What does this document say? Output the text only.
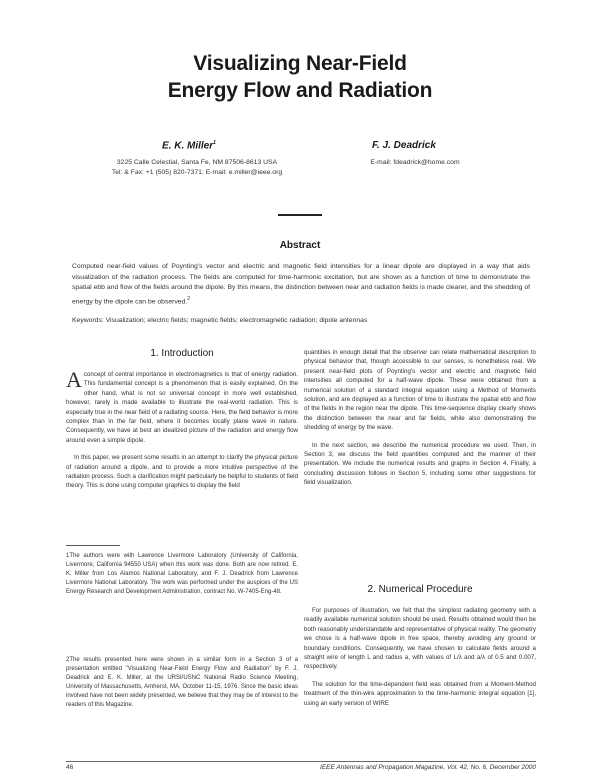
Visualizing Near-Field
Energy Flow and Radiation
E. K. Miller$^1$	F. J. Deadrick
3225 Calle Celestial, Santa Fe, NM 87506-8613 USA
Tel: & Fax: +1 (505) 820-7371; E-mail: e.miller@ieee.org
E-mail: fdeadrick@home.com
Abstract
Computed near-field values of Poynting's vector and electric and magnetic field intensities for a linear dipole are displayed in a way that aids visualization of the radiation process. The fields are computed for time-harmonic excitation, but are shown as a function of time to demonstrate the spatial ebb and flow of the fields around the dipole. By this means, the distinction between near and radiation fields is made clearer, and the shedding of energy by the dipole can be observed.$^2$
Keywords: Visualization; electric fields; magnetic fields; electromagnetic radiation; dipole antennas
1. Introduction

Aconcept of central importance in electromagnetics is that of energy radiation. This fundamental concept is a phenomenon that is easily explained. On the other hand, what is not so universal concept in more well established, however, rarely is made available to illustrate the real-world radiation. This is especially true in the near field of a radiating source. Here, the field behavior is more complex than in the far field, where it becomes locally plane wave in nature. Consequently, we have at best an idealized picture of the radiation and energy flow around even a simple dipole.

In this paper, we present some results in an attempt to clarify the physical picture of radiation around a dipole, and to provide a more intuitive perspective of the radiation process. Such a clarification might particularly be helpful to students of field theory. This is done using computer graphics to display the field

1The authors were with Lawrence Livermore Laboratory (University of California, Livermore, California 94550 USA) when this work was done. Both are now retired. E. K. Miller from Los Alamos National Laboratory, and F. J. Deadrick from Lawrence Livermore National Laboratory. The work was performed under the auspices of the US Energy Research and Development Administration, contract No. W-7405-Eng-48.
2The results presented here were shown in a similar form in a Section 3 of a presentation entitled "Visualizing Near-Field Energy Flow and Radiation" by F. J. Deadrick and E. K. Miller, at the URSI/USNC National Radio Science Meeting, University of Massachusetts, Amherst, MA, October 11-15, 1976. Since the basic ideas involved have not been widely presented, we believe that they may be of interest to the readers of this Magazine.

quantities in enough detail that the observer can relate mathematical description to physical behavior that, though accessible to our senses, is nonetheless real. We present near-field plots of Poynting's vector and electric and magnetic field intensities all computed for a half-wave dipole. These were obtained from a numerical solution of a standard integral equation using a Method of Moments solution, and are displayed as a function of time to illustrate the spatial ebb and flow of the fields in the region near the dipole. This time-sequence display clearly shows the distinction between the near and far fields, while also demonstrating the shedding of energy by the wave.

In the next section, we describe the numerical procedure we used. Then, in Section 3, we discuss the field quantities computed and the manner of their presentation. We include the numerical results and graphs in Section 4. Finally, a concluding discussion follows in Section 5, including some other suggestions for field visualization.

2. Numerical Procedure

For purposes of illustration, we felt that the simplest radiating geometry with a readily available numerical solution should be used. Results obtained would then be both reasonably understandable and representative of physical reality. The geometry we chose is a half-wave dipole in free space, thereby avoiding any ground or boundary conditions. Consequently, we have chosen to calculate fields around a straight wire of length L and radius a, with values of L/λ and a/λ of 0.5 and 0.007, respectively.

The solution for the time-dependent field was obtained from a Moment-Method treatment of the thin-wire approximation to the time-harmonic integral equation [1], using an early version of WIRE

46	IEEE Antennas and Propagation Magazine, Vol. 42, No. 6, December 2000
